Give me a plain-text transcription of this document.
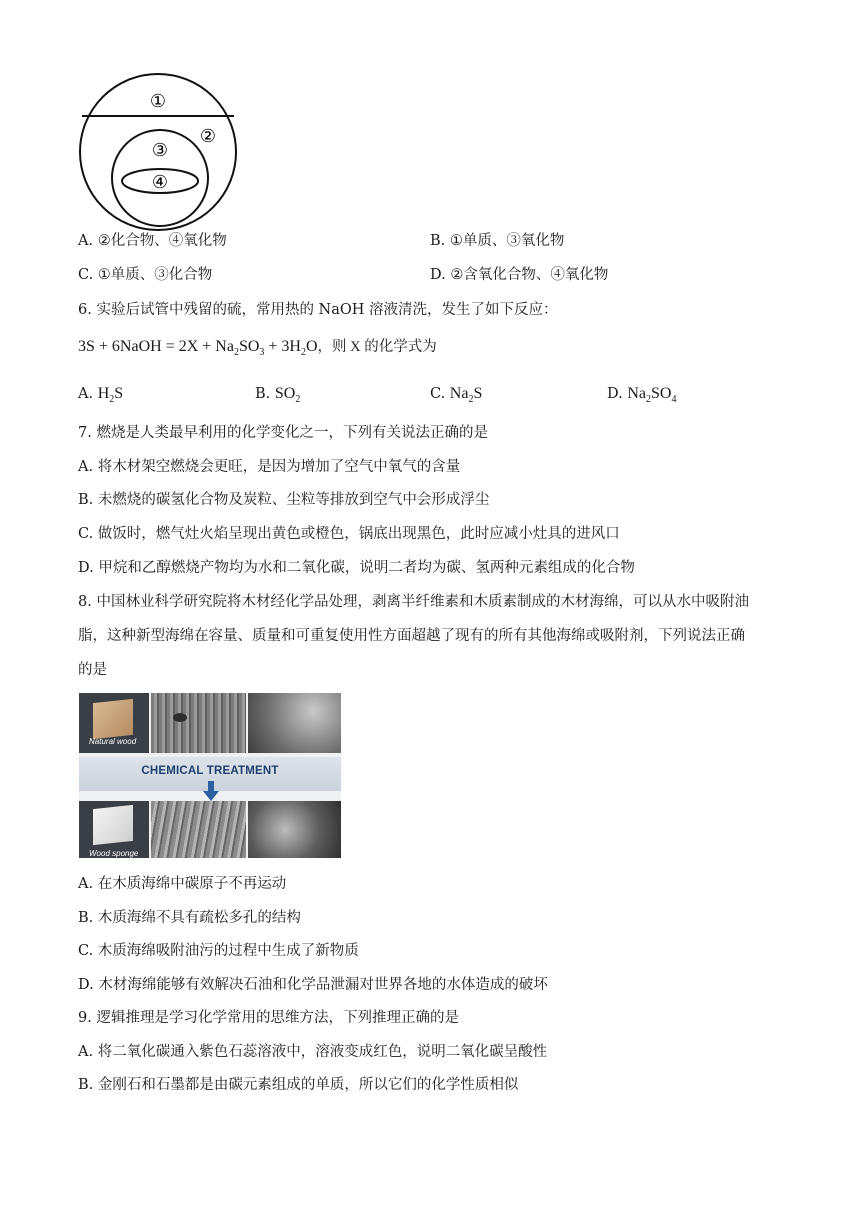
①
②
③
④
A. ②化合物、④氧化物	B. ①单质、③氧化物
C. ①单质、③化合物	D. ②含氧化合物、④氧化物
6. 实验后试管中残留的硫，常用热的 NaOH 溶液清洗，发生了如下反应：
3S + 6NaOH = $2X + Na_2SO_3 + 3H_2O$，则 X 的化学式为
A. $H_2S$	B. $SO_2$	C. $Na_2S$	D. $Na_2SO_4$
7. 燃烧是人类最早利用的化学变化之一，下列有关说法正确的是
A. 将木材架空燃烧会更旺，是因为增加了空气中氧气的含量
B. 未燃烧的碳氢化合物及炭粒、尘粒等排放到空气中会形成浮尘
C. 做饭时，燃气灶火焰呈现出黄色或橙色，锅底出现黑色，此时应减小灶具的进风口
D. 甲烷和乙醇燃烧产物均为水和二氧化碳，说明二者均为碳、氢两种元素组成的化合物
8. 中国林业科学研究院将木材经化学品处理，剥离半纤维素和木质素制成的木材海绵，可以从水中吸附油
脂，这种新型海绵在容量、质量和可重复使用性方面超越了现有的所有其他海绵或吸附剂，下列说法正确
的是
Natural wood
CHEMICAL TREATMENT
Wood sponge
A. 在木质海绵中碳原子不再运动
B. 木质海绵不具有疏松多孔的结构
C. 木质海绵吸附油污的过程中生成了新物质
D. 木材海绵能够有效解决石油和化学品泄漏对世界各地的水体造成的破坏
9. 逻辑推理是学习化学常用的思维方法，下列推理正确的是
A. 将二氧化碳通入紫色石蕊溶液中，溶液变成红色，说明二氧化碳呈酸性
B. 金刚石和石墨都是由碳元素组成的单质，所以它们的化学性质相似
